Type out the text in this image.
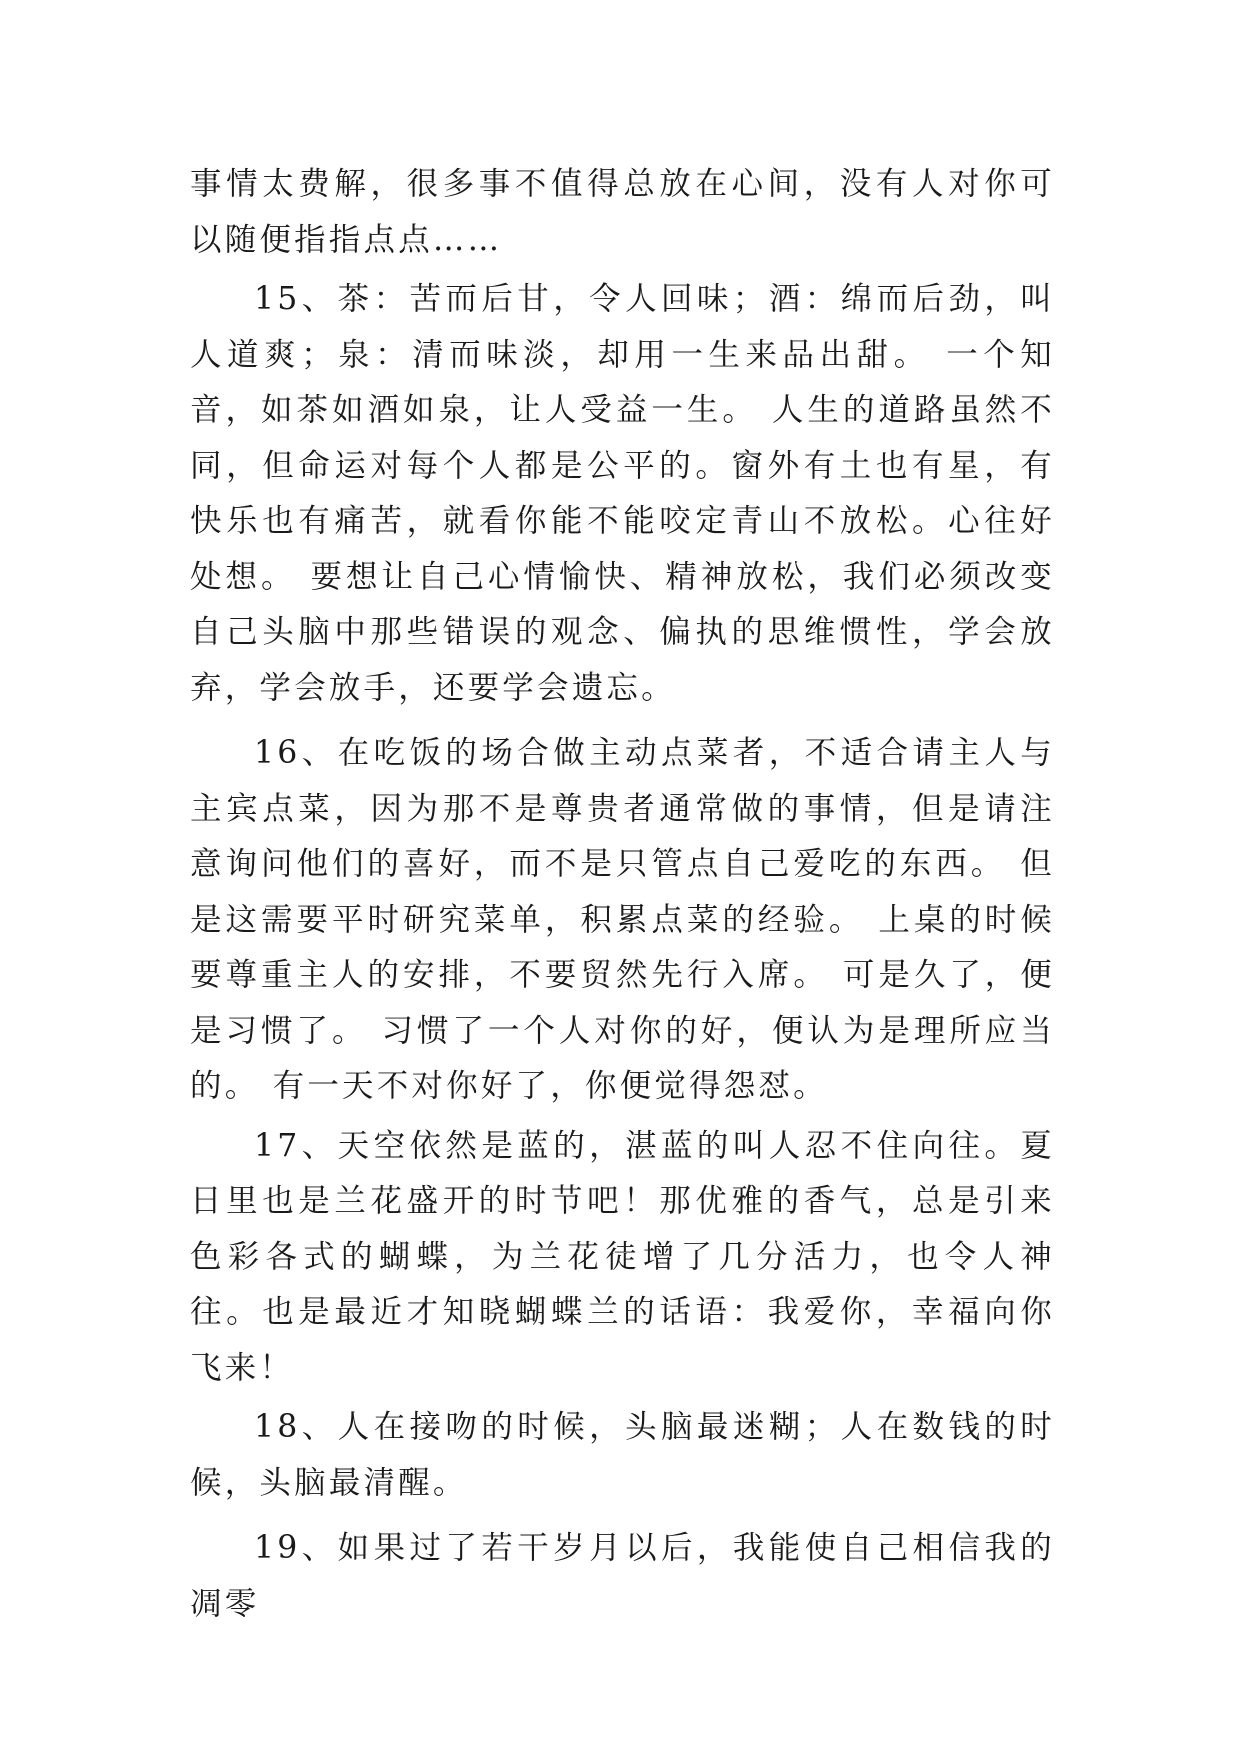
事情太费解，很多事不值得总放在心间，没有人对你可以随便指指点点……

15、茶：苦而后甘，令人回味；酒：绵而后劲，叫人道爽；泉：清而味淡，却用一生来品出甜。 一个知音，如茶如酒如泉，让人受益一生。 人生的道路虽然不同，但命运对每个人都是公平的。窗外有土也有星，有快乐也有痛苦，就看你能不能咬定青山不放松。心往好处想。 要想让自己心情愉快、精神放松，我们必须改变自己头脑中那些错误的观念、偏执的思维惯性，学会放弃，学会放手，还要学会遗忘。

16、在吃饭的场合做主动点菜者，不适合请主人与主宾点菜，因为那不是尊贵者通常做的事情，但是请注意询问他们的喜好，而不是只管点自己爱吃的东西。 但是这需要平时研究菜单，积累点菜的经验。 上桌的时候要尊重主人的安排，不要贸然先行入席。 可是久了，便是习惯了。 习惯了一个人对你的好，便认为是理所应当的。 有一天不对你好了，你便觉得怨怼。

17、天空依然是蓝的，湛蓝的叫人忍不住向往。夏日里也是兰花盛开的时节吧！那优雅的香气，总是引来色彩各式的蝴蝶，为兰花徒增了几分活力，也令人神往。也是最近才知晓蝴蝶兰的话语：我爱你，幸福向你飞来！

18、人在接吻的时候，头脑最迷糊；人在数钱的时候，头脑最清醒。

19、如果过了若干岁月以后，我能使自己相信我的凋零
